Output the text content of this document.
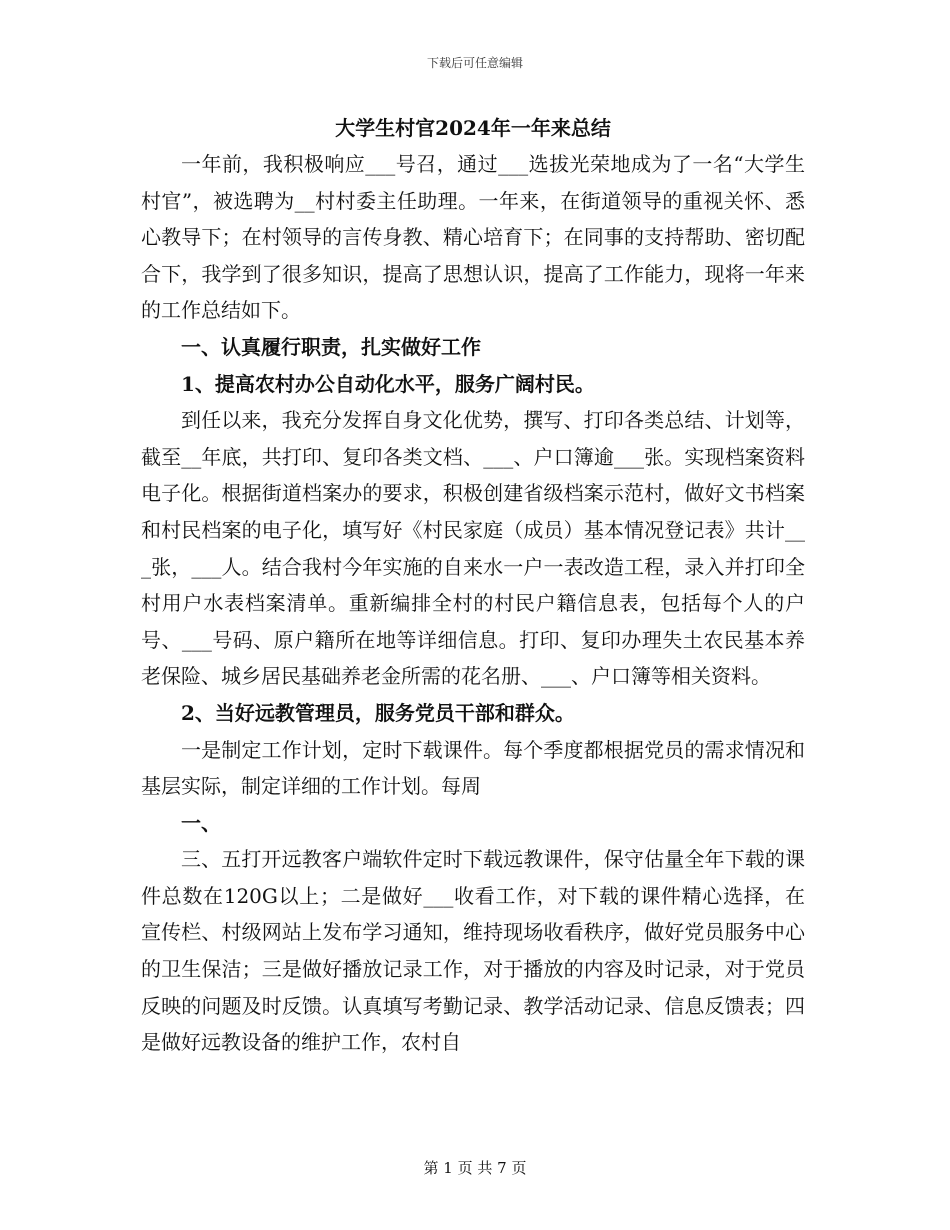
下载后可任意编辑
大学生村官2024年一年来总结

一年前，我积极响应___号召，通过___选拔光荣地成为了一名“大学生村官”，被选聘为__村村委主任助理。一年来，在街道领导的重视关怀、悉心教导下；在村领导的言传身教、精心培育下；在同事的支持帮助、密切配合下，我学到了很多知识，提高了思想认识，提高了工作能力，现将一年来的工作总结如下。

一、认真履行职责，扎实做好工作

1、提高农村办公自动化水平，服务广阔村民。

到任以来，我充分发挥自身文化优势，撰写、打印各类总结、计划等，截至__年底，共打印、复印各类文档、___、户口簿逾___张。实现档案资料电子化。根据街道档案办的要求，积极创建省级档案示范村，做好文书档案和村民档案的电子化，填写好《村民家庭（成员）基本情况登记表》共计___张，___人。结合我村今年实施的自来水一户一表改造工程，录入并打印全村用户水表档案清单。重新编排全村的村民户籍信息表，包括每个人的户号、___号码、原户籍所在地等详细信息。打印、复印办理失土农民基本养老保险、城乡居民基础养老金所需的花名册、___、户口簿等相关资料。

2、当好远教管理员，服务党员干部和群众。

一是制定工作计划，定时下载课件。每个季度都根据党员的需求情况和基层实际，制定详细的工作计划。每周

一、

三、五打开远教客户端软件定时下载远教课件，保守估量全年下载的课件总数在120G以上；二是做好___收看工作，对下载的课件精心选择，在宣传栏、村级网站上发布学习通知，维持现场收看秩序，做好党员服务中心的卫生保洁；三是做好播放记录工作，对于播放的内容及时记录，对于党员反映的问题及时反馈。认真填写考勤记录、教学活动记录、信息反馈表；四是做好远教设备的维护工作，农村自

第 1 页 共 7 页
